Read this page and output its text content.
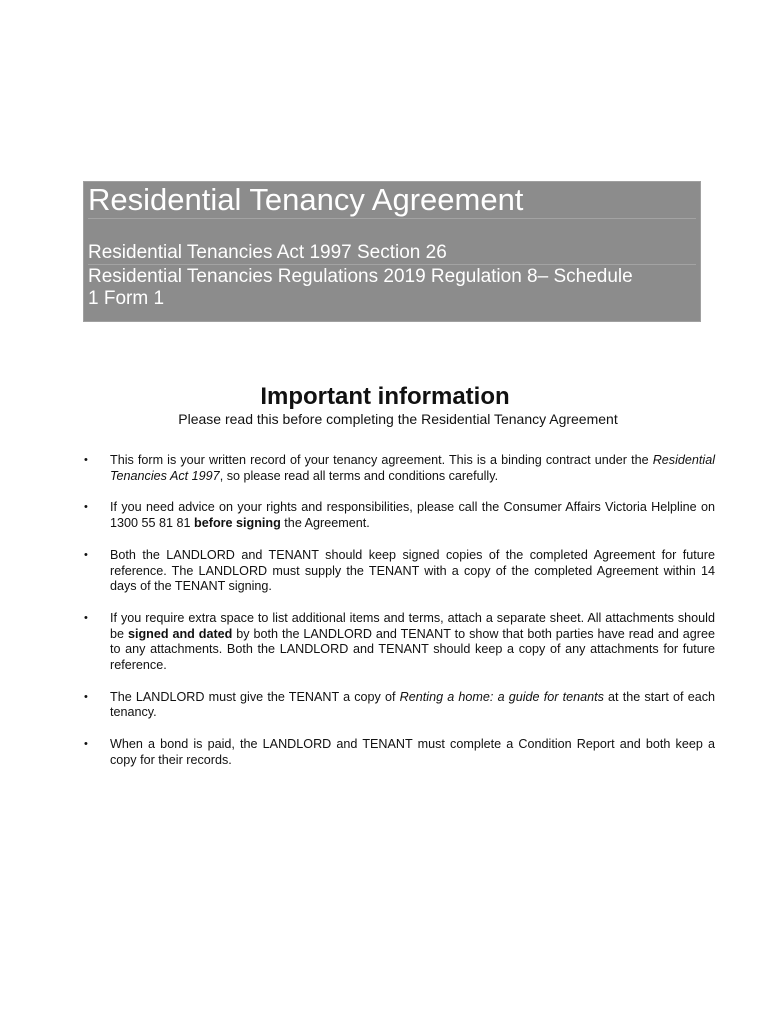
Residential Tenancy Agreement
Residential Tenancies Act 1997 Section 26
Residential Tenancies Regulations 2019 Regulation 8– Schedule
1 Form 1
Important information
Please read this before completing the Residential Tenancy Agreement
• This form is your written record of your tenancy agreement. This is a binding contract under the Residential Tenancies Act 1997, so please read all terms and conditions carefully.
• If you need advice on your rights and responsibilities, please call the Consumer Affairs Victoria Helpline on 1300 55 81 81 before signing the Agreement.
• Both the LANDLORD and TENANT should keep signed copies of the completed Agreement for future reference. The LANDLORD must supply the TENANT with a copy of the completed Agreement within 14 days of the TENANT signing.
• If you require extra space to list additional items and terms, attach a separate sheet. All attachments should be signed and dated by both the LANDLORD and TENANT to show that both parties have read and agree to any attachments. Both the LANDLORD and TENANT should keep a copy of any attachments for future reference.
• The LANDLORD must give the TENANT a copy of Renting a home: a guide for tenants at the start of each tenancy.
• When a bond is paid, the LANDLORD and TENANT must complete a Condition Report and both keep a copy for their records.
